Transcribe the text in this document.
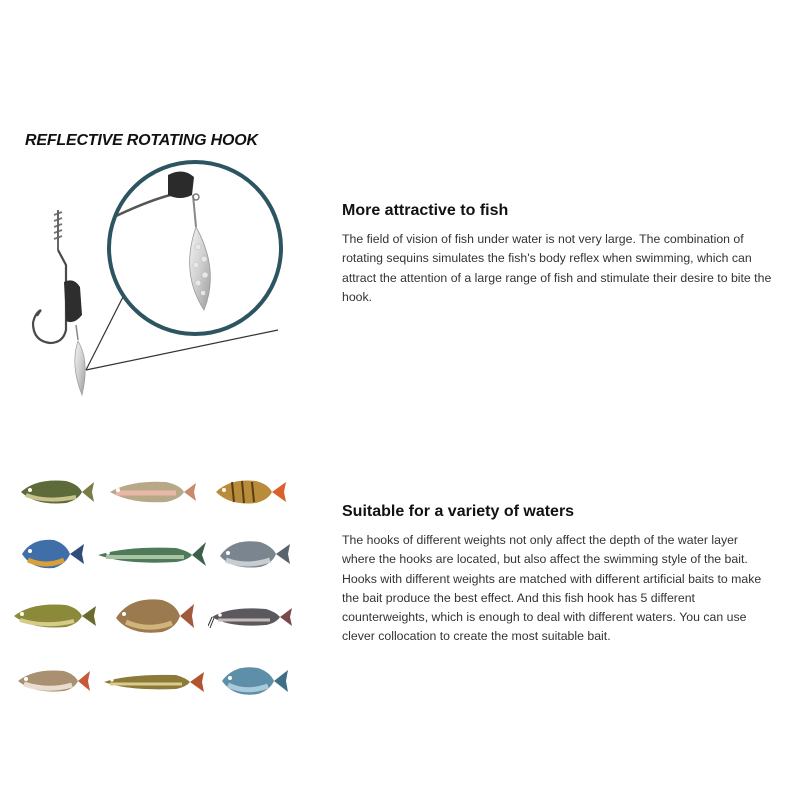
REFLECTIVE ROTATING HOOK
More attractive to fish

The field of vision of fish under water is not very large. The combination of rotating sequins simulates the fish's body reflex when swimming, which can attract the attention of a large range of fish and stimulate their desire to bite the hook.

Suitable for a variety of waters

The hooks of different weights not only affect the depth of the water layer where the hooks are located, but also affect the swimming style of the bait. Hooks with different weights are matched with different artificial baits to make the bait produce the best effect. And this fish hook has 5 different counterweights, which is enough to deal with different waters. You can use clever collocation to create the most suitable bait.
